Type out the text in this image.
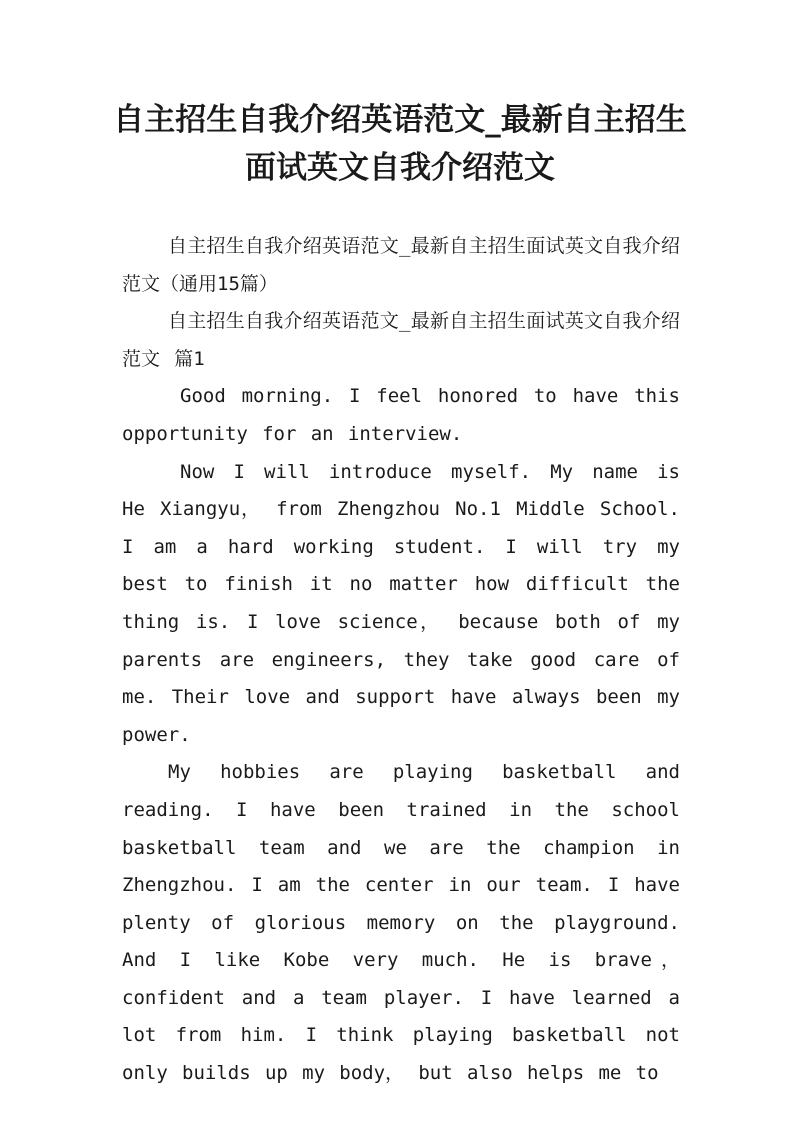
自主招生自我介绍英语范文_最新自主招生
面试英文自我介绍范文

自主招生自我介绍英语范文_最新自主招生面试英文自我介绍范文（通用15篇）

自主招生自我介绍英语范文_最新自主招生面试英文自我介绍范文 篇1

Good morning. I feel honored to have this opportunity for an interview.

Now I will introduce myself. My name is He Xiangyu， from Zhengzhou No.1 Middle School. I am a hard working student. I will try my best to finish it no matter how difficult the thing is. I love science， because both of my parents are engineers, they take good care of me. Their love and support have always been my power.

My hobbies are playing basketball and reading. I have been trained in the school basketball team and we are the champion in Zhengzhou. I am the center in our team. I have plenty of glorious memory on the playground. And I like Kobe very much. He is brave， confident and a team player. I have learned a lot from him. I think playing basketball not only builds up my body， but also helps me to
